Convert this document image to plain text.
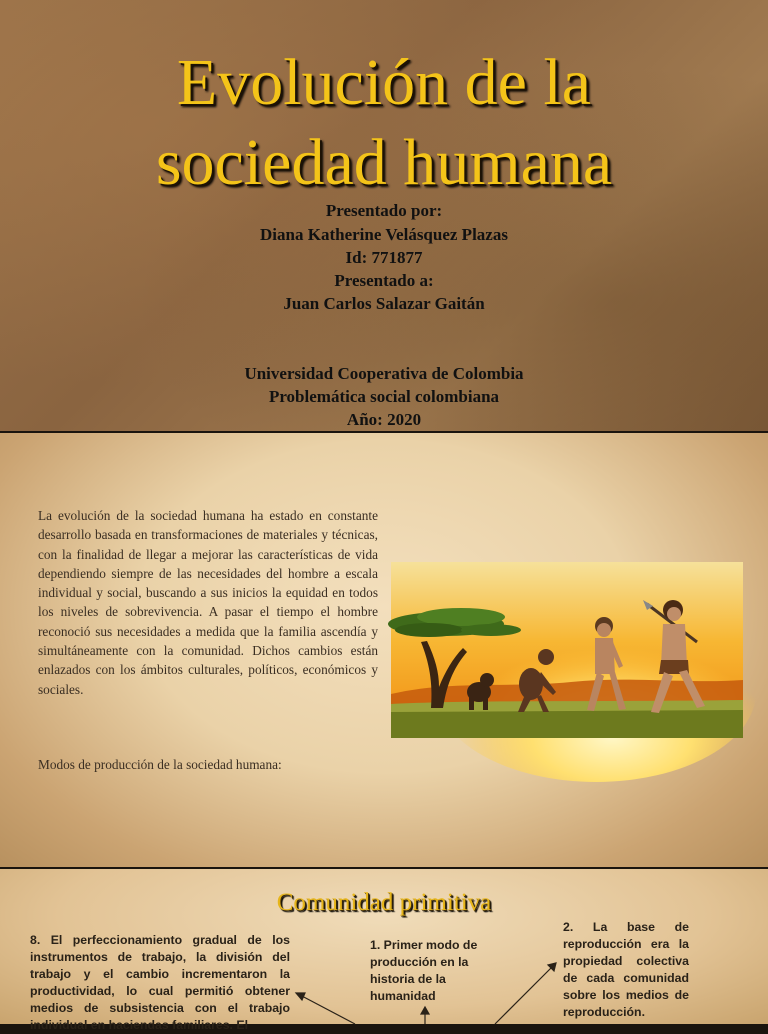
Evolución de la
sociedad humana
Presentado por:
Diana Katherine Velásquez Plazas
Id: 771877
Presentado a:
Juan Carlos Salazar Gaitán
Universidad Cooperativa de Colombia
Problemática social colombiana
Año: 2020
La evolución de la sociedad humana ha estado en constante desarrollo basada en transformaciones de materiales y técnicas, con la finalidad de llegar a mejorar las características de vida dependiendo siempre de las necesidades del hombre a escala individual y social, buscando a sus inicios la equidad en todos los niveles de sobrevivencia. A pasar el tiempo el hombre reconoció sus necesidades a medida que la familia ascendía y simultáneamente con la comunidad. Dichos cambios están enlazados con los ámbitos culturales, políticos, económicos y sociales.
Modos de producción de la sociedad humana:
Comunidad primitiva
8. El perfeccionamiento gradual de los instrumentos de trabajo, la división del trabajo y el cambio incrementaron la productividad, lo cual permitió obtener medios de subsistencia con el trabajo individual en haciendas familiares. El
1. Primer modo de producción en la historia de la humanidad
2. La base de reproducción era la propiedad colectiva de cada comunidad sobre los medios de reproducción.
